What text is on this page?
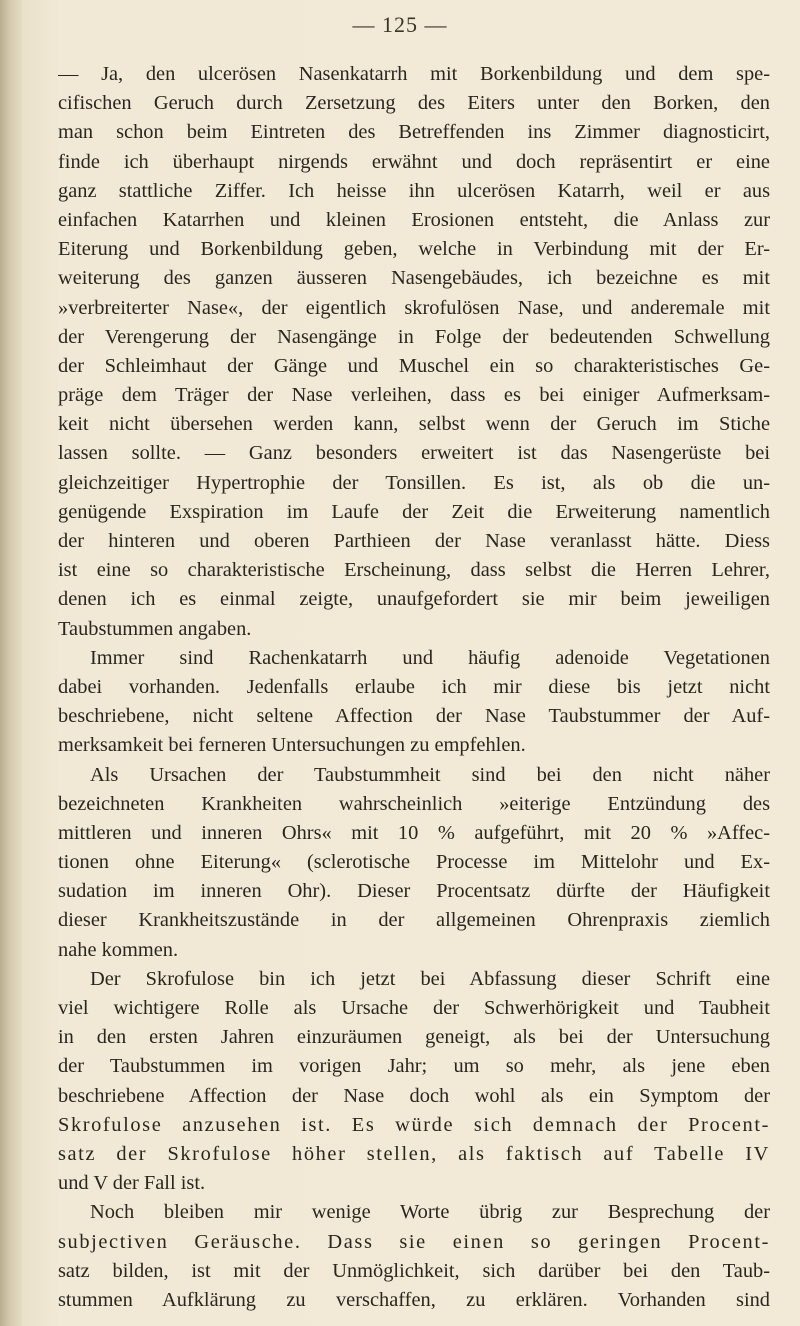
— 125 —
— Ja, den ulcerösen Nasenkatarrh mit Borkenbildung und dem spe-
cifischen Geruch durch Zersetzung des Eiters unter den Borken, den
man schon beim Eintreten des Betreffenden ins Zimmer diagnosticirt,
finde ich überhaupt nirgends erwähnt und doch repräsentirt er eine
ganz stattliche Ziffer. Ich heisse ihn ulcerösen Katarrh, weil er aus
einfachen Katarrhen und kleinen Erosionen entsteht, die Anlass zur
Eiterung und Borkenbildung geben, welche in Verbindung mit der Er-
weiterung des ganzen äusseren Nasengebäudes, ich bezeichne es mit
»verbreiterter Nase«, der eigentlich skrofulösen Nase, und anderemale mit
der Verengerung der Nasengänge in Folge der bedeutenden Schwellung
der Schleimhaut der Gänge und Muschel ein so charakteristisches Ge-
präge dem Träger der Nase verleihen, dass es bei einiger Aufmerksam-
keit nicht übersehen werden kann, selbst wenn der Geruch im Stiche
lassen sollte. — Ganz besonders erweitert ist das Nasengerüste bei
gleichzeitiger Hypertrophie der Tonsillen. Es ist, als ob die un-
genügende Exspiration im Laufe der Zeit die Erweiterung namentlich
der hinteren und oberen Parthieen der Nase veranlasst hätte. Diess
ist eine so charakteristische Erscheinung, dass selbst die Herren Lehrer,
denen ich es einmal zeigte, unaufgefordert sie mir beim jeweiligen
Taubstummen angaben.
Immer sind Rachenkatarrh und häufig adenoide Vegetationen
dabei vorhanden. Jedenfalls erlaube ich mir diese bis jetzt nicht
beschriebene, nicht seltene Affection der Nase Taubstummer der Auf-
merksamkeit bei ferneren Untersuchungen zu empfehlen.
Als Ursachen der Taubstummheit sind bei den nicht näher
bezeichneten Krankheiten wahrscheinlich »eiterige Entzündung des
mittleren und inneren Ohrs« mit 10 % aufgeführt, mit 20 % »Affec-
tionen ohne Eiterung« (sclerotische Processe im Mittelohr und Ex-
sudation im inneren Ohr). Dieser Procentsatz dürfte der Häufigkeit
dieser Krankheitszustände in der allgemeinen Ohrenpraxis ziemlich
nahe kommen.
Der Skrofulose bin ich jetzt bei Abfassung dieser Schrift eine
viel wichtigere Rolle als Ursache der Schwerhörigkeit und Taubheit
in den ersten Jahren einzuräumen geneigt, als bei der Untersuchung
der Taubstummen im vorigen Jahr; um so mehr, als jene eben
beschriebene Affection der Nase doch wohl als ein Symptom der
Skrofulose anzusehen ist. Es würde sich demnach der Procent-
satz der Skrofulose höher stellen, als faktisch auf Tabelle IV
und V der Fall ist.
Noch bleiben mir wenige Worte übrig zur Besprechung der
subjectiven Geräusche. Dass sie einen so geringen Procent-
satz bilden, ist mit der Unmöglichkeit, sich darüber bei den Taub-
stummen Aufklärung zu verschaffen, zu erklären. Vorhanden sind
